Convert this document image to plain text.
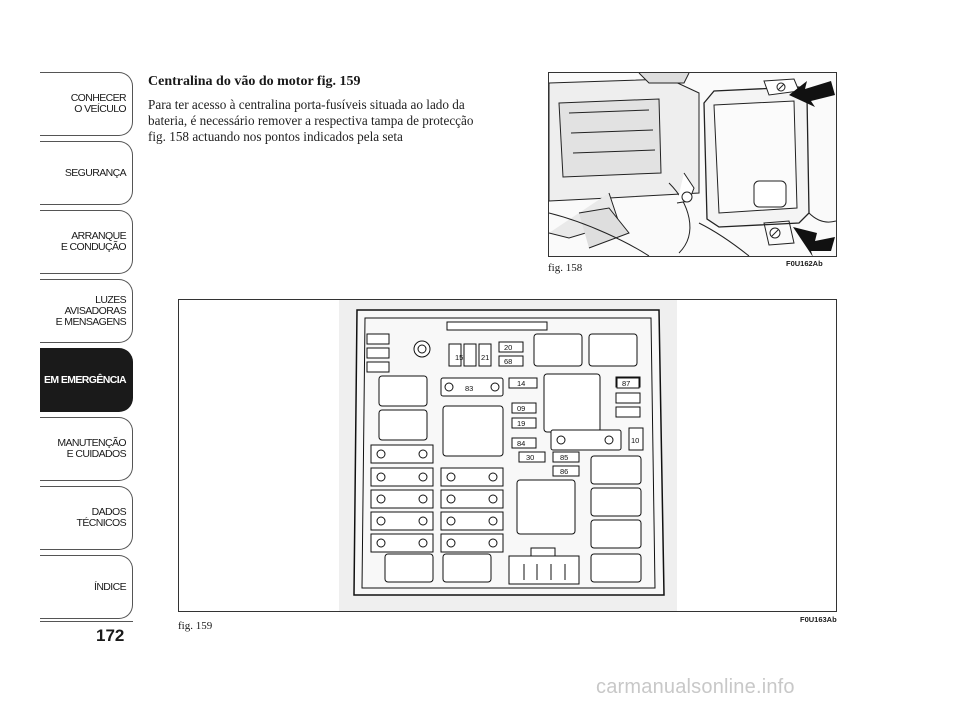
CONHECER
O VEÍCULO
SEGURANÇA
ARRANQUE
E CONDUÇÃO
LUZES
AVISADORAS
E MENSAGENS
EM EMERGÊNCIA
MANUTENÇÃO
E CUIDADOS
DADOS
TÉCNICOS
ÍNDICE
172
Centralina do vão do motor fig. 159
Para ter acesso à centralina porta-fusíveis situada ao lado da bateria, é necessário remover a respectiva tampa de protecção fig. 158 actuando nos pontos indicados pela seta
fig. 158	F0U162Ab
15 21
20
68
83
14
09
19
84
30	85
86
87
10
fig. 159
F0U163Ab
carmanualsonline.info
